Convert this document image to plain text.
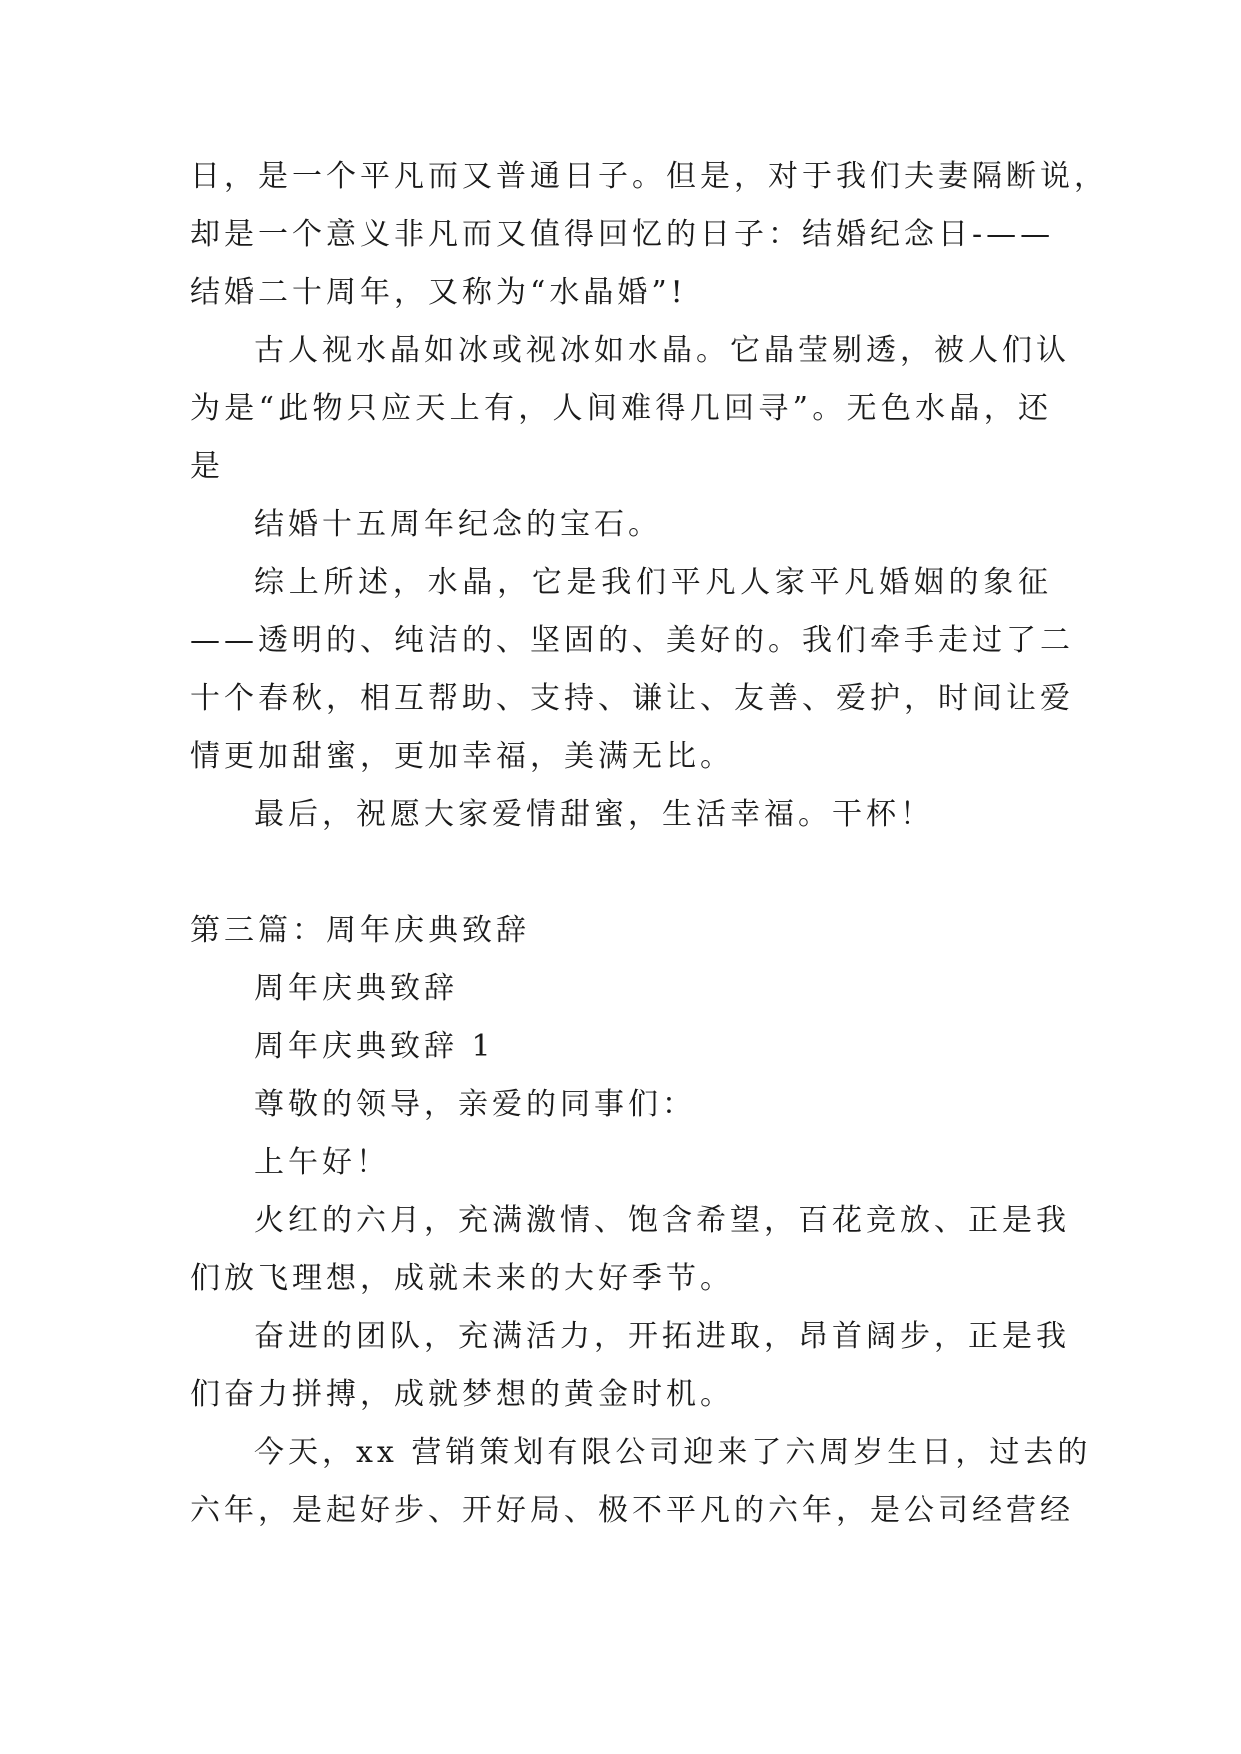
日，是一个平凡而又普通日子。但是，对于我们夫妻隔断说，
却是一个意义非凡而又值得回忆的日子：结婚纪念日-——
结婚二十周年，又称为“水晶婚”!
古人视水晶如冰或视冰如水晶。它晶莹剔透，被人们认
为是“此物只应天上有，人间难得几回寻”。无色水晶，还
是
结婚十五周年纪念的宝石。
综上所述，水晶，它是我们平凡人家平凡婚姻的象征
——透明的、纯洁的、坚固的、美好的。我们牵手走过了二
十个春秋，相互帮助、支持、谦让、友善、爱护，时间让爱
情更加甜蜜，更加幸福，美满无比。
最后，祝愿大家爱情甜蜜，生活幸福。干杯！
第三篇：周年庆典致辞
周年庆典致辞
周年庆典致辞 1
尊敬的领导，亲爱的同事们：
上午好！
火红的六月，充满激情、饱含希望，百花竞放、正是我
们放飞理想，成就未来的大好季节。
奋进的团队，充满活力，开拓进取，昂首阔步，正是我
们奋力拼搏，成就梦想的黄金时机。
今天，xx 营销策划有限公司迎来了六周岁生日，过去的
六年，是起好步、开好局、极不平凡的六年，是公司经营经
